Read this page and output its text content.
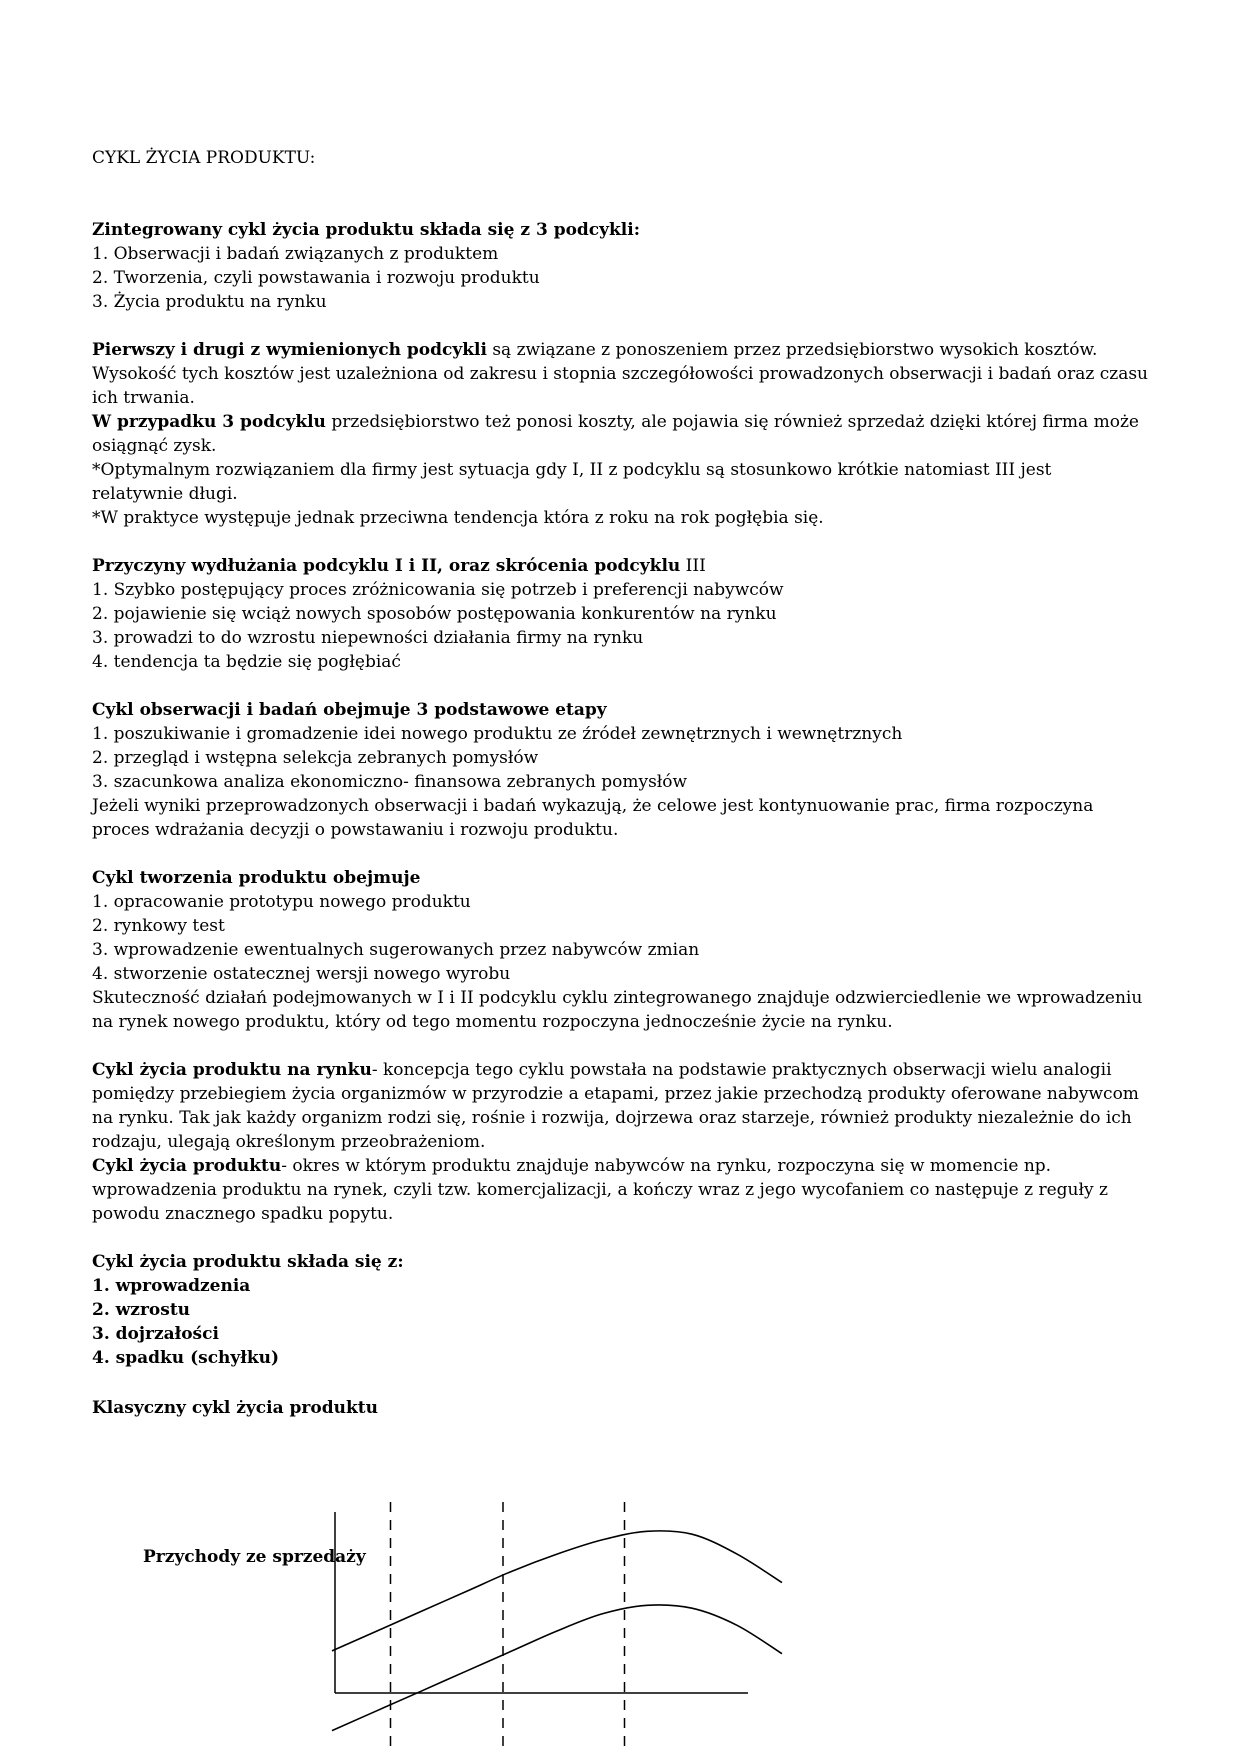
CYKL ŻYCIA PRODUKTU:
Zintegrowany cykl życia produktu składa się z 3 podcykli:
1. Obserwacji i badań związanych z produktem
2. Tworzenia, czyli powstawania i rozwoju produktu
3. Życia produktu na rynku
Pierwszy i drugi z wymienionych podcykli są związane z ponoszeniem przez przedsiębiorstwo wysokich kosztów.
Wysokość tych kosztów jest uzależniona od zakresu i stopnia szczegółowości prowadzonych obserwacji i badań oraz czasu
ich trwania.
W przypadku 3 podcyklu przedsiębiorstwo też ponosi koszty, ale pojawia się również sprzedaż dzięki której firma może
osiągnąć zysk.
*Optymalnym rozwiązaniem dla firmy jest sytuacja gdy I, II z podcyklu są stosunkowo krótkie natomiast III jest
relatywnie długi.
*W praktyce występuje jednak przeciwna tendencja która z roku na rok pogłębia się.
Przyczyny wydłużania podcyklu I i II, oraz skrócenia podcyklu III
1. Szybko postępujący proces zróżnicowania się potrzeb i preferencji nabywców
2. pojawienie się wciąż nowych sposobów postępowania konkurentów na rynku
3. prowadzi to do wzrostu niepewności działania firmy na rynku
4. tendencja ta będzie się pogłębiać
Cykl obserwacji i badań obejmuje 3 podstawowe etapy
1. poszukiwanie i gromadzenie idei nowego produktu ze źródeł zewnętrznych i wewnętrznych
2. przegląd i wstępna selekcja zebranych pomysłów
3. szacunkowa analiza ekonomiczno- finansowa zebranych pomysłów
Jeżeli wyniki przeprowadzonych obserwacji i badań wykazują, że celowe jest kontynuowanie prac, firma rozpoczyna
proces wdrażania decyzji o powstawaniu i rozwoju produktu.
Cykl tworzenia produktu obejmuje
1. opracowanie prototypu nowego produktu
2. rynkowy test
3. wprowadzenie ewentualnych sugerowanych przez nabywców zmian
4. stworzenie ostatecznej wersji nowego wyrobu
Skuteczność działań podejmowanych w I i II podcyklu cyklu zintegrowanego znajduje odzwierciedlenie we wprowadzeniu
na rynek nowego produktu, który od tego momentu rozpoczyna jednocześnie życie na rynku.
Cykl życia produktu na rynku- koncepcja tego cyklu powstała na podstawie praktycznych obserwacji wielu analogii
pomiędzy przebiegiem życia organizmów w przyrodzie a etapami, przez jakie przechodzą produkty oferowane nabywcom
na rynku. Tak jak każdy organizm rodzi się, rośnie i rozwija, dojrzewa oraz starzeje, również produkty niezależnie do ich
rodzaju, ulegają określonym przeobrażeniom.
Cykl życia produktu- okres w którym produktu znajduje nabywców na rynku, rozpoczyna się w momencie np.
wprowadzenia produktu na rynek, czyli tzw. komercjalizacji, a kończy wraz z jego wycofaniem co następuje z reguły z
powodu znacznego spadku popytu.
Cykl życia produktu składa się z:
1. wprowadzenia
2. wzrostu
3. dojrzałości
4. spadku (schyłku)
Klasyczny cykl życia produktu
Przychody ze sprzedaży
